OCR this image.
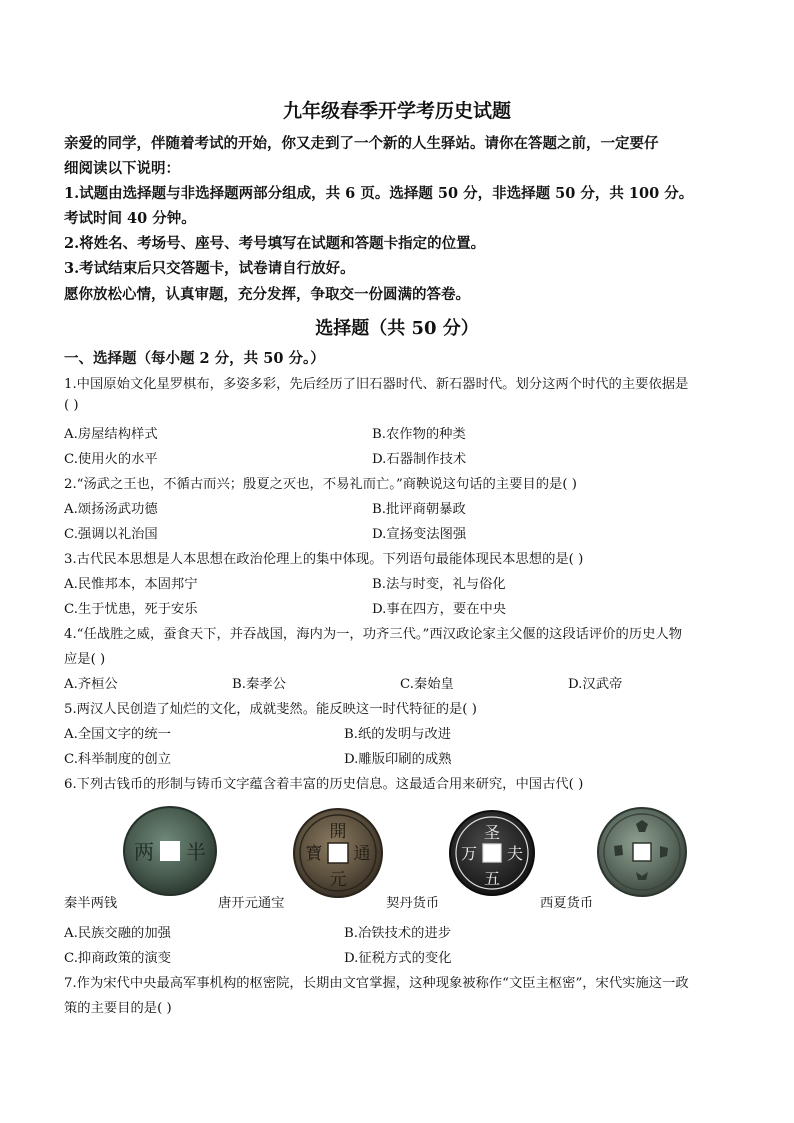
九年级春季开学考历史试题
亲爱的同学，伴随着考试的开始，你又走到了一个新的人生驿站。请你在答题之前，一定要仔
细阅读以下说明：
1.试题由选择题与非选择题两部分组成，共 6 页。选择题 50 分，非选择题 50 分，共 100 分。
考试时间 40 分钟。
2.将姓名、考场号、座号、考号填写在试题和答题卡指定的位置。
3.考试结束后只交答题卡，试卷请自行放好。
愿你放松心情，认真审题，充分发挥，争取交一份圆满的答卷。
选择题（共 50 分）
一、选择题（每小题 2 分，共 50 分。）
1.中国原始文化星罗棋布，多姿多彩，先后经历了旧石器时代、新石器时代。划分这两个时代的主要依据是
( )
A.房屋结构样式	B.农作物的种类
C.使用火的水平	D.石器制作技术
2.“汤武之王也，不循古而兴；殷夏之灭也，不易礼而亡。”商鞅说这句话的主要目的是( )
A.颂扬汤武功德	B.批评商朝暴政
C.强调以礼治国	D.宣扬变法图强
3.古代民本思想是人本思想在政治伦理上的集中体现。下列语句最能体现民本思想的是( )
A.民惟邦本，本固邦宁	B.法与时变，礼与俗化
C.生于忧患，死于安乐	D.事在四方，要在中央
4.“任战胜之威，蚕食天下，并吞战国，海内为一，功齐三代。”西汉政论家主父偃的这段话评价的历史人物
应是( )
A.齐桓公	B.秦孝公	C.秦始皇	D.汉武帝
5.两汉人民创造了灿烂的文化，成就斐然。能反映这一时代特征的是( )
A.全国文字的统一	B.纸的发明与改进
C.科举制度的创立	D.雕版印刷的成熟
6.下列古钱币的形制与铸币文字蕴含着丰富的历史信息。这最适合用来研究，中国古代( )
两 半
開
通
元
寶
圣
夫
五
万
秦半两钱	唐开元通宝	契丹货币	西夏货币
A.民族交融的加强	B.冶铁技术的进步
C.抑商政策的演变	D.征税方式的变化
7.作为宋代中央最高军事机构的枢密院，长期由文官掌握，这种现象被称作“文臣主枢密”，宋代实施这一政
策的主要目的是( )
